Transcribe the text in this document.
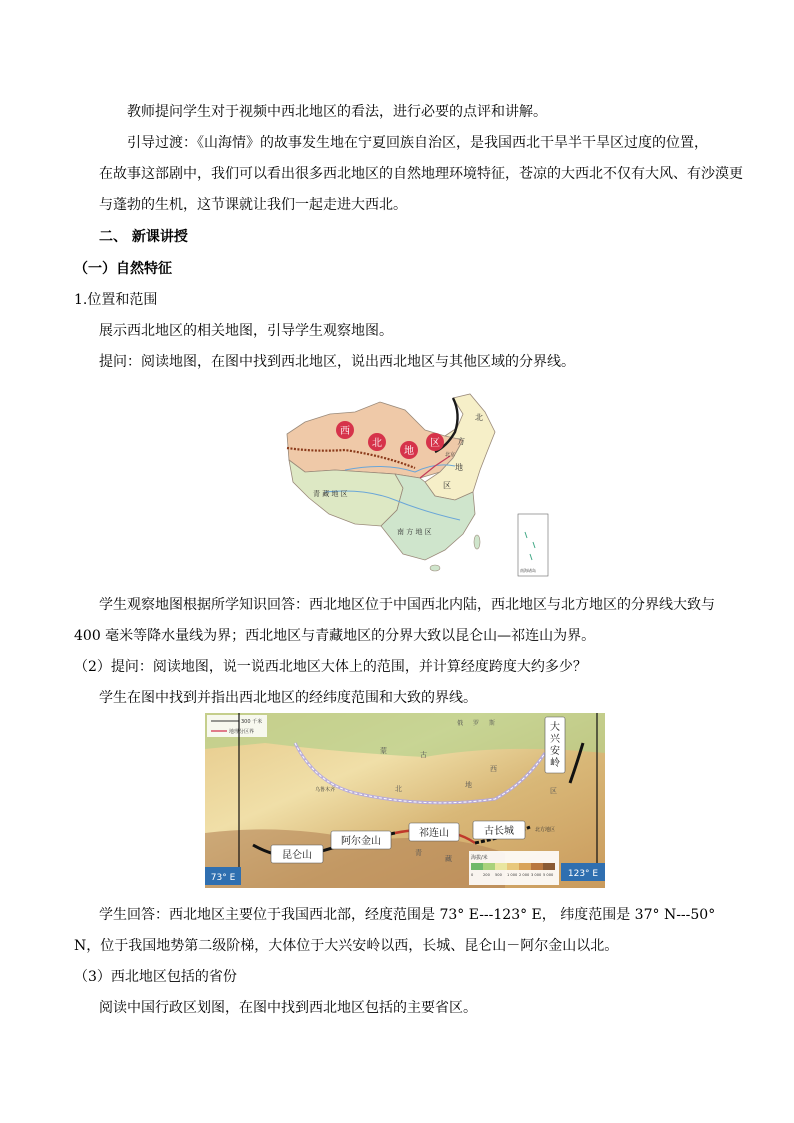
教师提问学生对于视频中西北地区的看法，进行必要的点评和讲解。
引导过渡：《山海情》的故事发生地在宁夏回族自治区，是我国西北干旱半干旱区过度的位置，
在故事这部剧中，我们可以看出很多西北地区的自然地理环境特征，苍凉的大西北不仅有大风、有沙漠更
与蓬勃的生机，这节课就让我们一起走进大西北。
二、 新课讲授
（一）自然特征
1.位置和范围
展示西北地区的相关地图，引导学生观察地图。
提问：阅读地图，在图中找到西北地区，说出西北地区与其他区域的分界线。
西
北
地
区
北
方
地
区
北京
青 藏 地 区
南 方 地 区
南海诸岛
学生观察地图根据所学知识回答：西北地区位于中国西北内陆，西北地区与北方地区的分界线大致与
400 毫米等降水量线为界；西北地区与青藏地区的分界大致以昆仑山—祁连山为界。
（2）提问：阅读地图，说一说西北地区大体上的范围，并计算经度跨度大约多少？
学生在图中找到并指出西北地区的经纬度范围和大致的界线。
300 千米
地理分区界
俄 罗 斯
蒙	古
西
北	地
区
青
藏
乌鲁木齐
北方地区
昆仑山
阿尔金山
祁连山	古长城
大
兴
安
岭
73° E	123° E
海拔/米
0	200 500 1 000 2 000 3 000 5 000
学生回答：西北地区主要位于我国西北部，经度范围是 73° E---123° E， 纬度范围是 37° N---50°
N，位于我国地势第二级阶梯，大体位于大兴安岭以西，长城、昆仑山－阿尔金山以北。
（3）西北地区包括的省份
阅读中国行政区划图，在图中找到西北地区包括的主要省区。
